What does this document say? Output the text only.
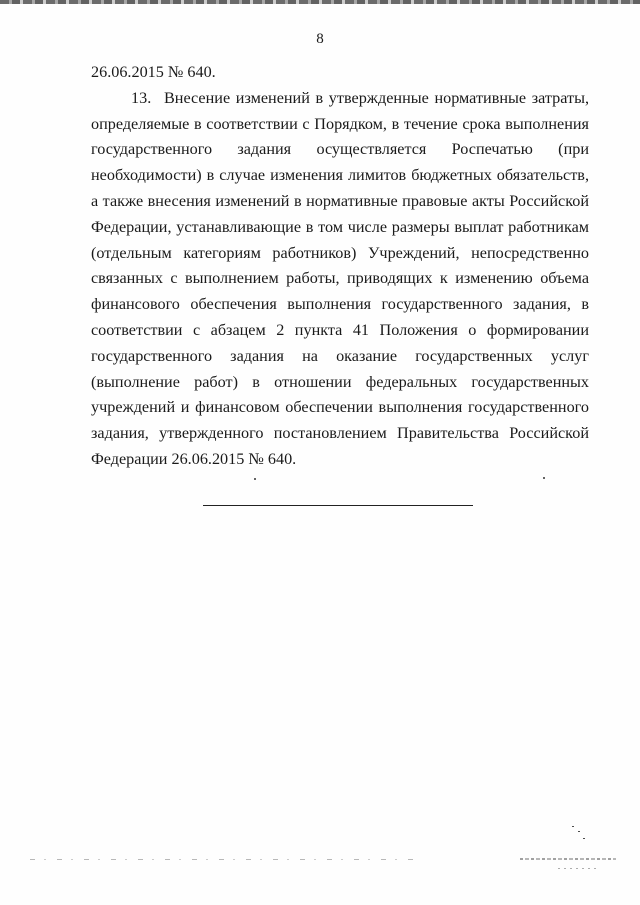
8

26.06.2015 № 640.

13. Внесение изменений в утвержденные нормативные затраты, определяемые в соответствии с Порядком, в течение срока выполнения государственного задания осуществляется Роспечатью (при необходимости) в случае изменения лимитов бюджетных обязательств, а также внесения изменений в нормативные правовые акты Российской Федерации, устанавливающие в том числе размеры выплат работникам (отдельным категориям работников) Учреждений, непосредственно связанных с выполнением работы, приводящих к изменению объема финансового обеспечения выполнения государственного задания, в соответствии с абзацем 2 пункта 41 Положения о формировании государственного задания на оказание государственных услуг (выполнение работ) в отношении федеральных государственных учреждений и финансовом обеспечении выполнения государственного задания, утвержденного постановлением Правительства Российской Федерации 26.06.2015 № 640.
